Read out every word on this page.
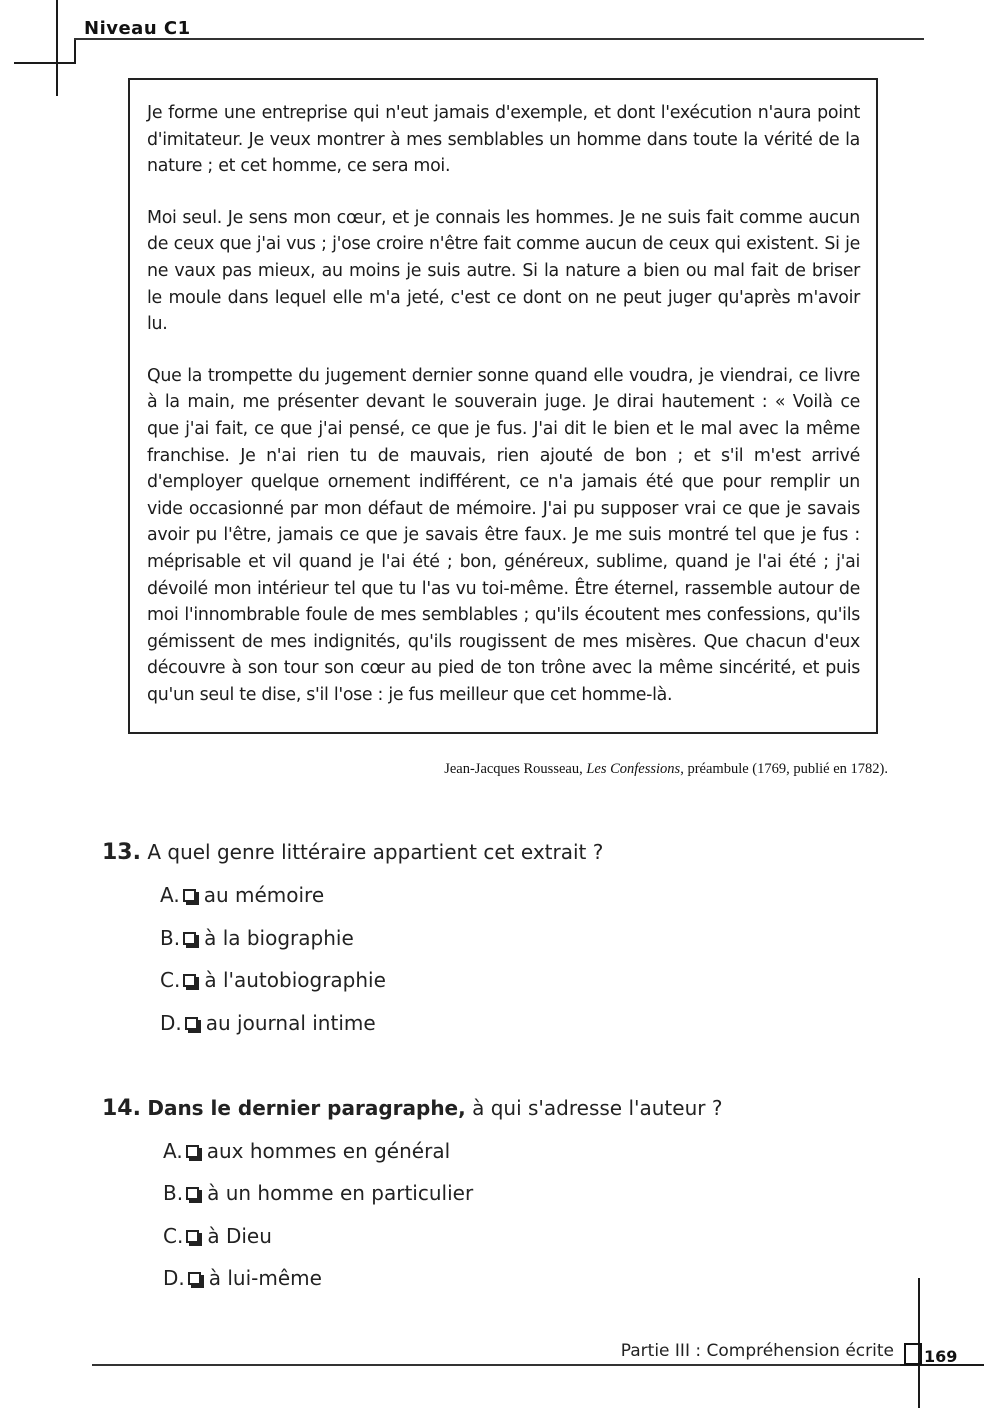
Niveau C1

Je forme une entreprise qui n'eut jamais d'exemple, et dont l'exécution n'aura point d'imitateur. Je veux montrer à mes semblables un homme dans toute la vérité de la nature ; et cet homme, ce sera moi.

Moi seul. Je sens mon cœur, et je connais les hommes. Je ne suis fait comme aucun de ceux que j'ai vus ; j'ose croire n'être fait comme aucun de ceux qui existent. Si je ne vaux pas mieux, au moins je suis autre. Si la nature a bien ou mal fait de briser le moule dans lequel elle m'a jeté, c'est ce dont on ne peut juger qu'après m'avoir lu.

Que la trompette du jugement dernier sonne quand elle voudra, je viendrai, ce livre à la main, me présenter devant le souverain juge. Je dirai hautement : « Voilà ce que j'ai fait, ce que j'ai pensé, ce que je fus. J'ai dit le bien et le mal avec la même franchise. Je n'ai rien tu de mauvais, rien ajouté de bon ; et s'il m'est arrivé d'employer quelque ornement indifférent, ce n'a jamais été que pour remplir un vide occasionné par mon défaut de mémoire. J'ai pu supposer vrai ce que je savais avoir pu l'être, jamais ce que je savais être faux. Je me suis montré tel que je fus : méprisable et vil quand je l'ai été ; bon, généreux, sublime, quand je l'ai été ; j'ai dévoilé mon intérieur tel que tu l'as vu toi-même. Être éternel, rassemble autour de moi l'innombrable foule de mes semblables ; qu'ils écoutent mes confessions, qu'ils gémissent de mes indignités, qu'ils rougissent de mes misères. Que chacun d'eux découvre à son tour son cœur au pied de ton trône avec la même sincérité, et puis qu'un seul te dise, s'il l'ose : je fus meilleur que cet homme-là.

Jean-Jacques Rousseau, Les Confessions, préambule (1769, publié en 1782).
13. A quel genre littéraire appartient cet extrait ?
A. au mémoire
B. à la biographie
C. à l'autobiographie
D. au journal intime
14. Dans le dernier paragraphe, à qui s'adresse l'auteur ?
A. aux hommes en général
B. à un homme en particulier
C. à Dieu
D. à lui-même
Partie III : Compréhension écrite 169
